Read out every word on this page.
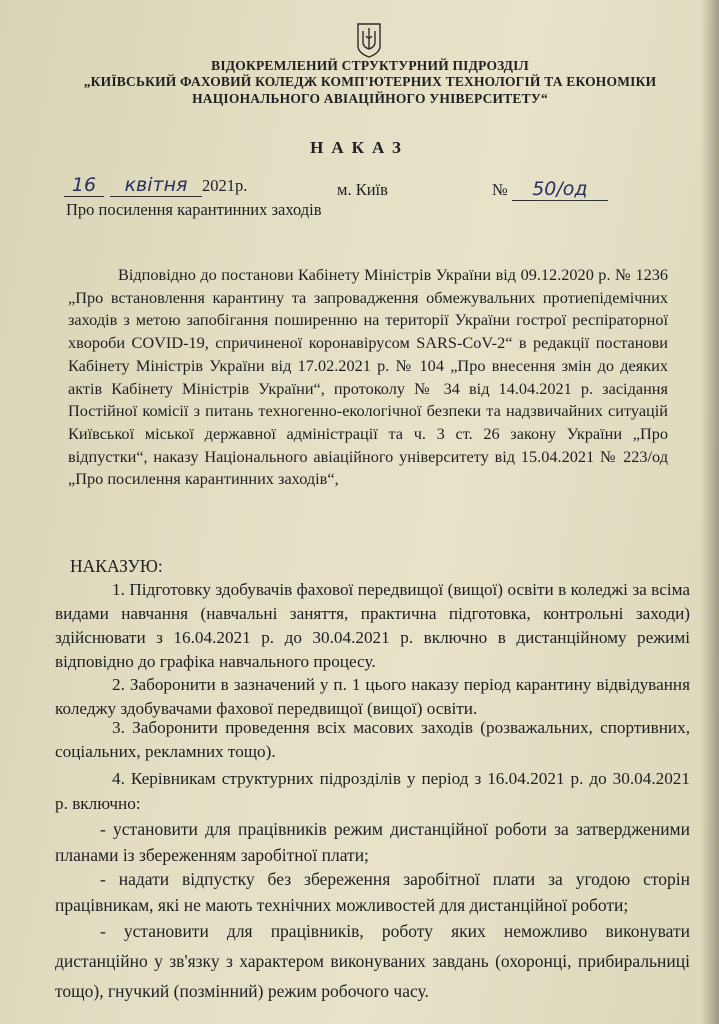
ВІДОКРЕМЛЕНИЙ СТРУКТУРНИЙ ПІДРОЗДІЛ
„КИЇВСЬКИЙ ФАХОВИЙ КОЛЕДЖ КОМП'ЮТЕРНИХ ТЕХНОЛОГІЙ ТА ЕКОНОМІКИ
НАЦІОНАЛЬНОГО АВІАЦІЙНОГО УНІВЕРСИТЕТУ“
НАКАЗ
16 квітня 2021р.	м. Київ	№ 50/од
Про посилення карантинних заходів
Відповідно до постанови Кабінету Міністрів України від 09.12.2020 р. № 1236 „Про встановлення карантину та запровадження обмежувальних протиепідемічних заходів з метою запобігання поширенню на території України гострої респіраторної хвороби COVID-19, спричиненої коронавірусом SARS-CoV-2“ в редакції постанови Кабінету Міністрів України від 17.02.2021 р. № 104 „Про внесення змін до деяких актів Кабінету Міністрів України“, протоколу № 34 від 14.04.2021 р. засідання Постійної комісії з питань техногенно-екологічної безпеки та надзвичайних ситуацій Київської міської державної адміністрації та ч. 3 ст. 26 закону України „Про відпустки“, наказу Національного авіаційного університету від 15.04.2021 № 223/од „Про посилення карантинних заходів“,
НАКАЗУЮ:
1. Підготовку здобувачів фахової передвищої (вищої) освіти в коледжі за всіма видами навчання (навчальні заняття, практична підготовка, контрольні заходи) здійснювати з 16.04.2021 р. до 30.04.2021 р. включно в дистанційному режимі відповідно до графіка навчального процесу.
2. Заборонити в зазначений у п. 1 цього наказу період карантину відвідування коледжу здобувачами фахової передвищої (вищої) освіти.
3. Заборонити проведення всіх масових заходів (розважальних, спортивних, соціальних, рекламних тощо).
4. Керівникам структурних підрозділів у період з 16.04.2021 р. до 30.04.2021 р. включно:
- установити для працівників режим дистанційної роботи за затвердженими планами із збереженням заробітної плати;
- надати відпустку без збереження заробітної плати за угодою сторін працівникам, які не мають технічних можливостей для дистанційної роботи;
- установити для працівників, роботу яких неможливо виконувати дистанційно у зв'язку з характером виконуваних завдань (охоронці, прибиральниці тощо), гнучкий (позмінний) режим робочого часу.
